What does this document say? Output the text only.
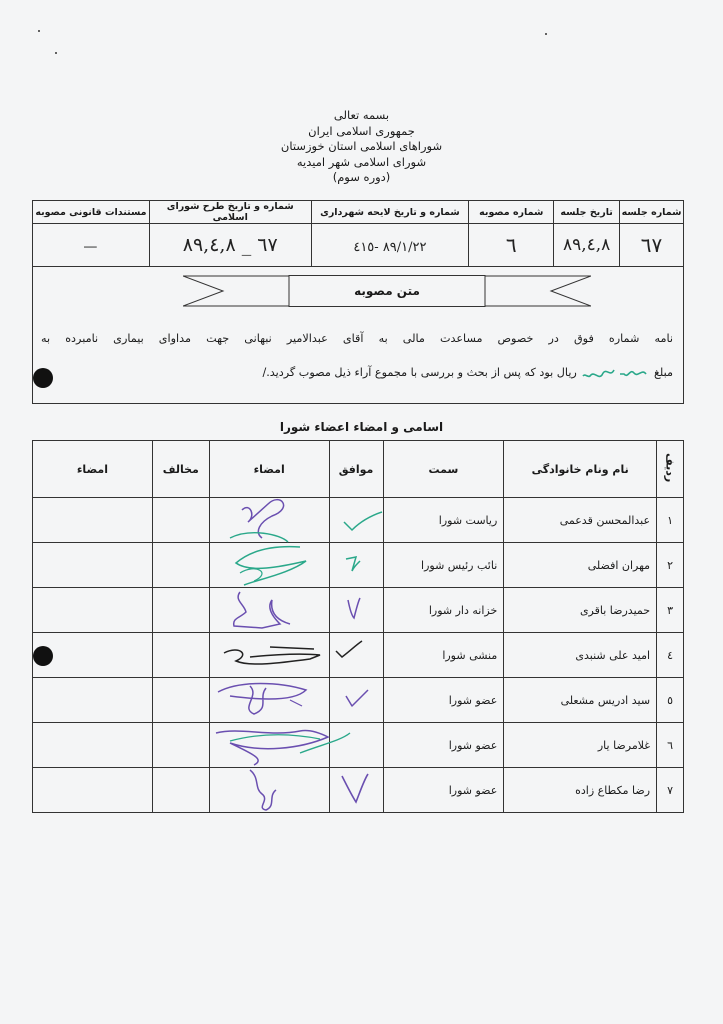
بسمه تعالی
جمهوری اسلامی ایران
شوراهای اسلامی استان خوزستان
شورای اسلامی شهر امیدیه
(دوره سوم)
شماره جلسه	تاریخ جلسه	شماره مصوبه	شماره و تاریخ لایحه شهرداری	شماره و تاریخ طرح شورای اسلامی	مستندات قانونی مصوبه
٦٧	٨٩,٤,٨	٦	٨٩/١/٢٢ -٤١٥	٦٧ _ ٨٩,٤,٨	—
متن مصوبه
نامه شماره فوق در خصوص مساعدت مالی به آقای عبدالامیر نبهانی جهت مداوای بیماری نامبرده به
مبلغ  ریال بود که پس از بحث و بررسی با مجموع آراء ذیل مصوب گردید./
اسامی و امضاء اعضاء شورا
ردیف	نام ونام خانوادگی	سمت	موافق	امضاء	مخالف	امضاء
١	عبدالمحسن قدعمی	ریاست شورا	

٢	مهران افضلی	نائب رئیس شورا	

٣	حمیدرضا باقری	خزانه دار شورا	

٤	امید علی شنبدی	منشی شورا	

٥	سید ادریس مشعلی	عضو شورا	

٦	غلامرضا یار	عضو شورا	

٧	رضا مکطاع زاده	عضو شورا	
